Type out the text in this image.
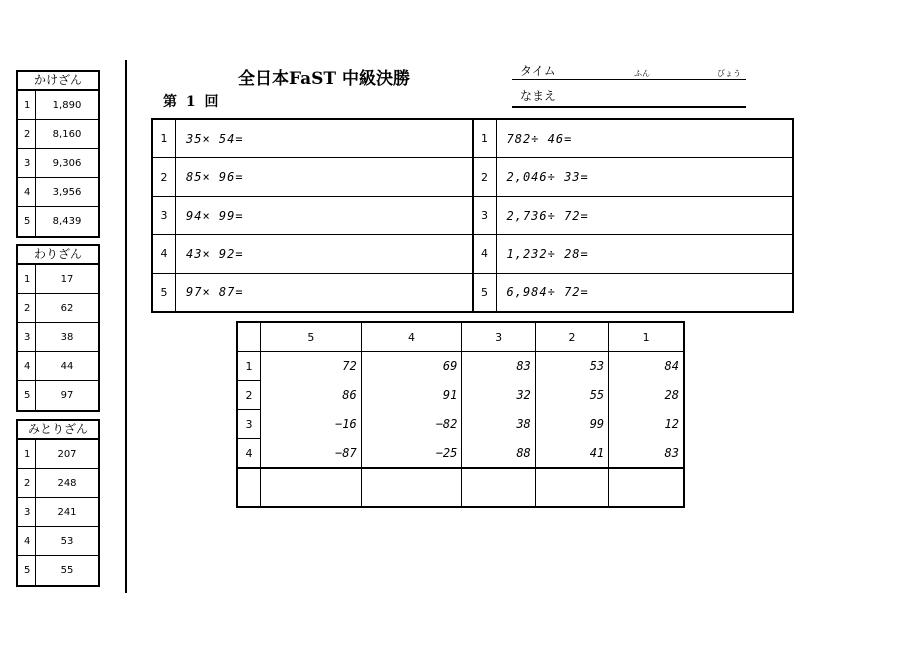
かけざん
1	1,890
2	8,160
3	9,306
4	3,956
5	8,439
わりざん
1	17
2	62
3	38
4	44
5	97
みとりざん
1	207
2	248
3	241
4	53
5	55
全日本FaST 中級決勝
第 1 回
タイム	ふん	びょう
なまえ
1	35× 54=
2	85× 96=
3	94× 99=
4	43× 92=
5	97× 87=
1	782÷ 46=
2	2,046÷ 33=
3	2,736÷ 72=
4	1,232÷ 28=
5	6,984÷ 72=
	5	4	3	2	1
1	72	69	83	53	84
2	86	91	32	55	28
3	−16	−82	38	99	12
4	−87	−25	88	41	83
